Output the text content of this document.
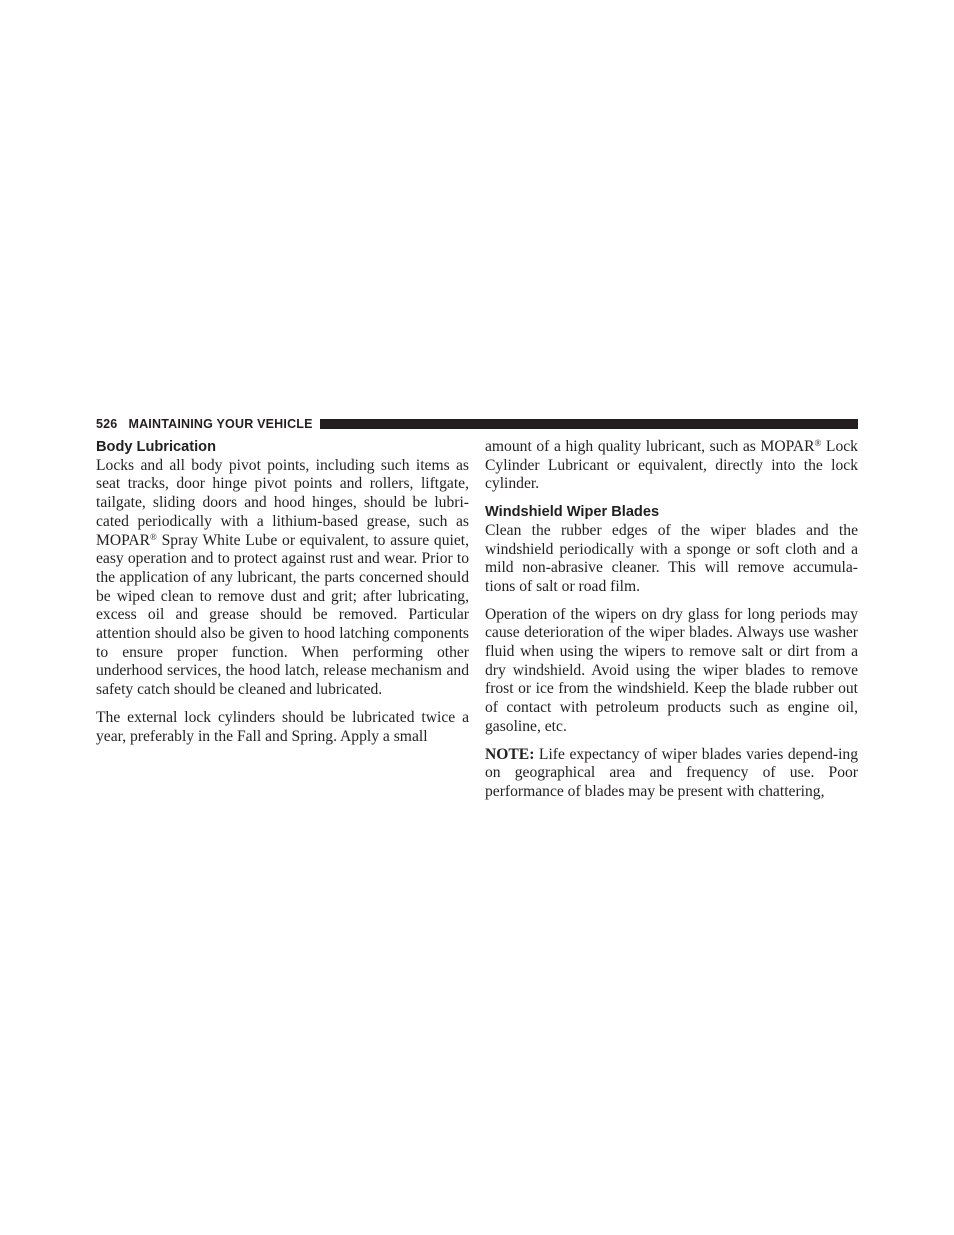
526 MAINTAINING YOUR VEHICLE
Body Lubrication

Locks and all body pivot points, including such items as seat tracks, door hinge pivot points and rollers, liftgate, tailgate, sliding doors and hood hinges, should be lubri-cated periodically with a lithium-based grease, such as MOPAR® Spray White Lube or equivalent, to assure quiet, easy operation and to protect against rust and wear. Prior to the application of any lubricant, the parts concerned should be wiped clean to remove dust and grit; after lubricating, excess oil and grease should be removed. Particular attention should also be given to hood latching components to ensure proper function. When performing other underhood services, the hood latch, release mechanism and safety catch should be cleaned and lubricated.

The external lock cylinders should be lubricated twice a year, preferably in the Fall and Spring. Apply a small

amount of a high quality lubricant, such as MOPAR® Lock Cylinder Lubricant or equivalent, directly into the lock cylinder.

Windshield Wiper Blades

Clean the rubber edges of the wiper blades and the windshield periodically with a sponge or soft cloth and a mild non-abrasive cleaner. This will remove accumula-tions of salt or road film.

Operation of the wipers on dry glass for long periods may cause deterioration of the wiper blades. Always use washer fluid when using the wipers to remove salt or dirt from a dry windshield. Avoid using the wiper blades to remove frost or ice from the windshield. Keep the blade rubber out of contact with petroleum products such as engine oil, gasoline, etc.

NOTE: Life expectancy of wiper blades varies depend-ing on geographical area and frequency of use. Poor performance of blades may be present with chattering,
